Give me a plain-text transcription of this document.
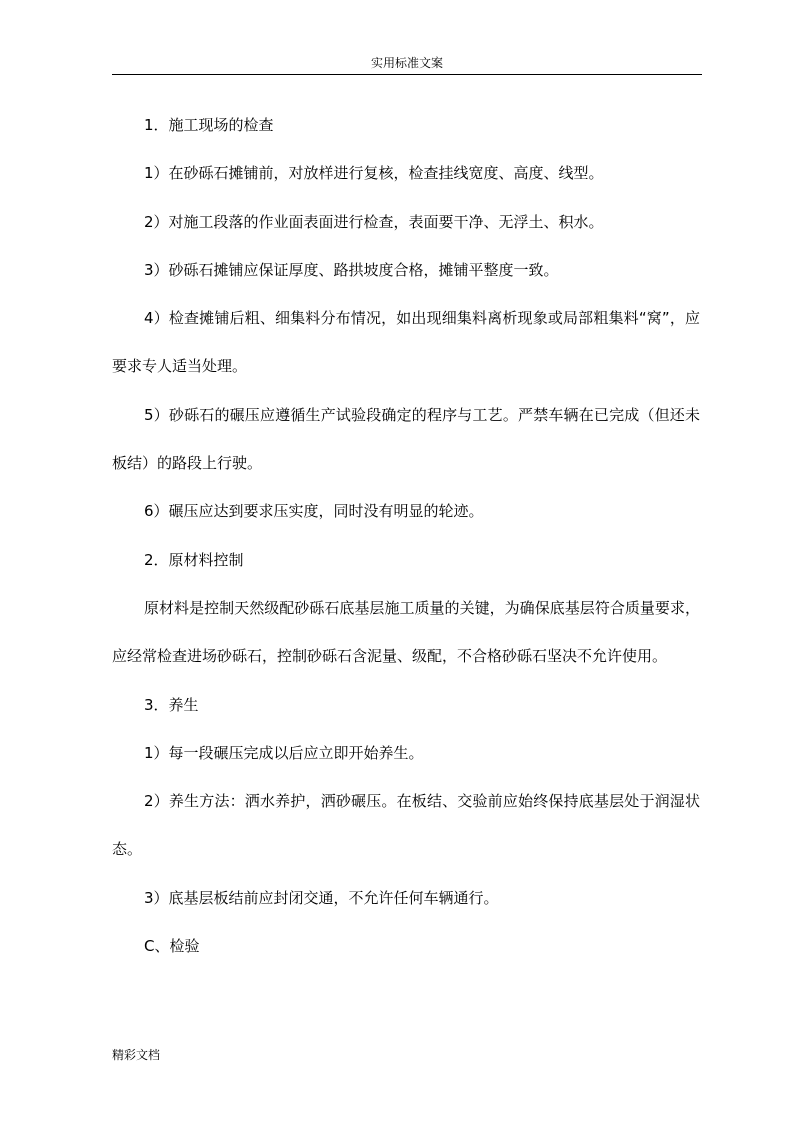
实用标准文案

1．施工现场的检查

1）在砂砾石摊铺前，对放样进行复核，检查挂线宽度、高度、线型。

2）对施工段落的作业面表面进行检查，表面要干净、无浮土、积水。

3）砂砾石摊铺应保证厚度、路拱坡度合格，摊铺平整度一致。

4）检查摊铺后粗、细集料分布情况，如出现细集料离析现象或局部粗集料“窝”，应要求专人适当处理。

5）砂砾石的碾压应遵循生产试验段确定的程序与工艺。严禁车辆在已完成（但还未板结）的路段上行驶。

6）碾压应达到要求压实度，同时没有明显的轮迹。

2．原材料控制

原材料是控制天然级配砂砾石底基层施工质量的关键，为确保底基层符合质量要求，应经常检查进场砂砾石，控制砂砾石含泥量、级配，不合格砂砾石坚决不允许使用。

3．养生

1）每一段碾压完成以后应立即开始养生。

2）养生方法：洒水养护，洒砂碾压。在板结、交验前应始终保持底基层处于润湿状态。

3）底基层板结前应封闭交通，不允许任何车辆通行。

C、检验

精彩文档
